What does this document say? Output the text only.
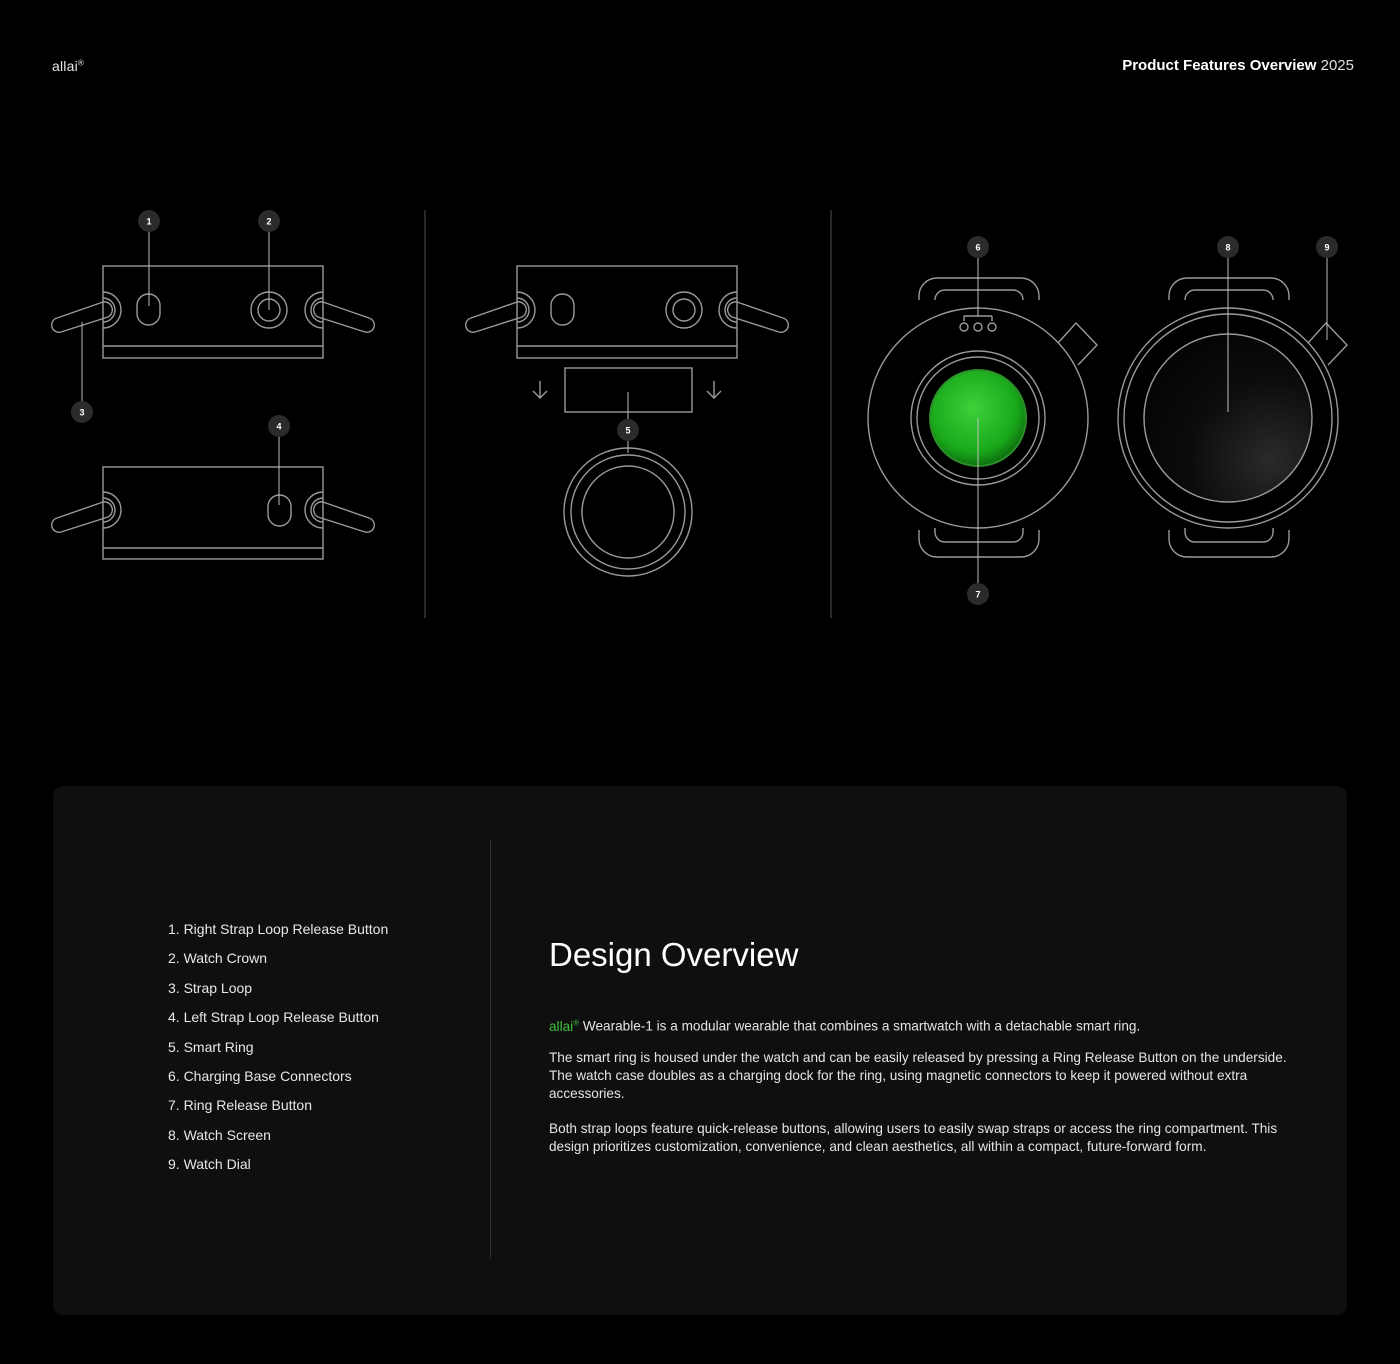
allai®	Product Features Overview 2025
1	2
3
4	5
6
7
8	9
1. Right Strap Loop Release Button
2. Watch Crown
3. Strap Loop
4. Left Strap Loop Release Button
5. Smart Ring
6. Charging Base Connectors
7. Ring Release Button
8. Watch Screen
9. Watch Dial
Design Overview

allai® Wearable-1 is a modular wearable that combines a smartwatch with a detachable smart ring.

The smart ring is housed under the watch and can be easily released by pressing a Ring Release Button on the underside. The watch case doubles as a charging dock for the ring, using magnetic connectors to keep it powered without extra accessories.

Both strap loops feature quick-release buttons, allowing users to easily swap straps or access the ring compartment. This design prioritizes customization, convenience, and clean aesthetics, all within a compact, future-forward form.
